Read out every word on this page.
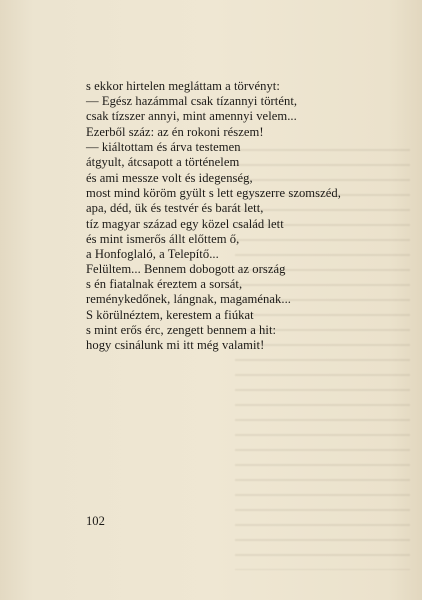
s ekkor hirtelen megláttam a törvényt:
— Egész hazámmal csak tízannyi történt,
csak tízszer annyi, mint amennyi velem...
Ezerből száz: az én rokoni részem!
— kiáltottam és árva testemen
átgyult, átcsapott a történelem
és ami messze volt és idegenség,
most mind köröm gyült s lett egyszerre szomszéd,
apa, déd, ük és testvér és barát lett,
tíz magyar század egy közel család lett
és mint ismerős állt előttem ő,
a Honfoglaló, a Telepítő...
Felültem... Bennem dobogott az ország
s én fiatalnak éreztem a sorsát,
reménykedőnek, lángnak, magaménak...
S körülnéztem, kerestem a fiúkat
s mint erős érc, zengett bennem a hit:
hogy csinálunk mi itt még valamit!
102
